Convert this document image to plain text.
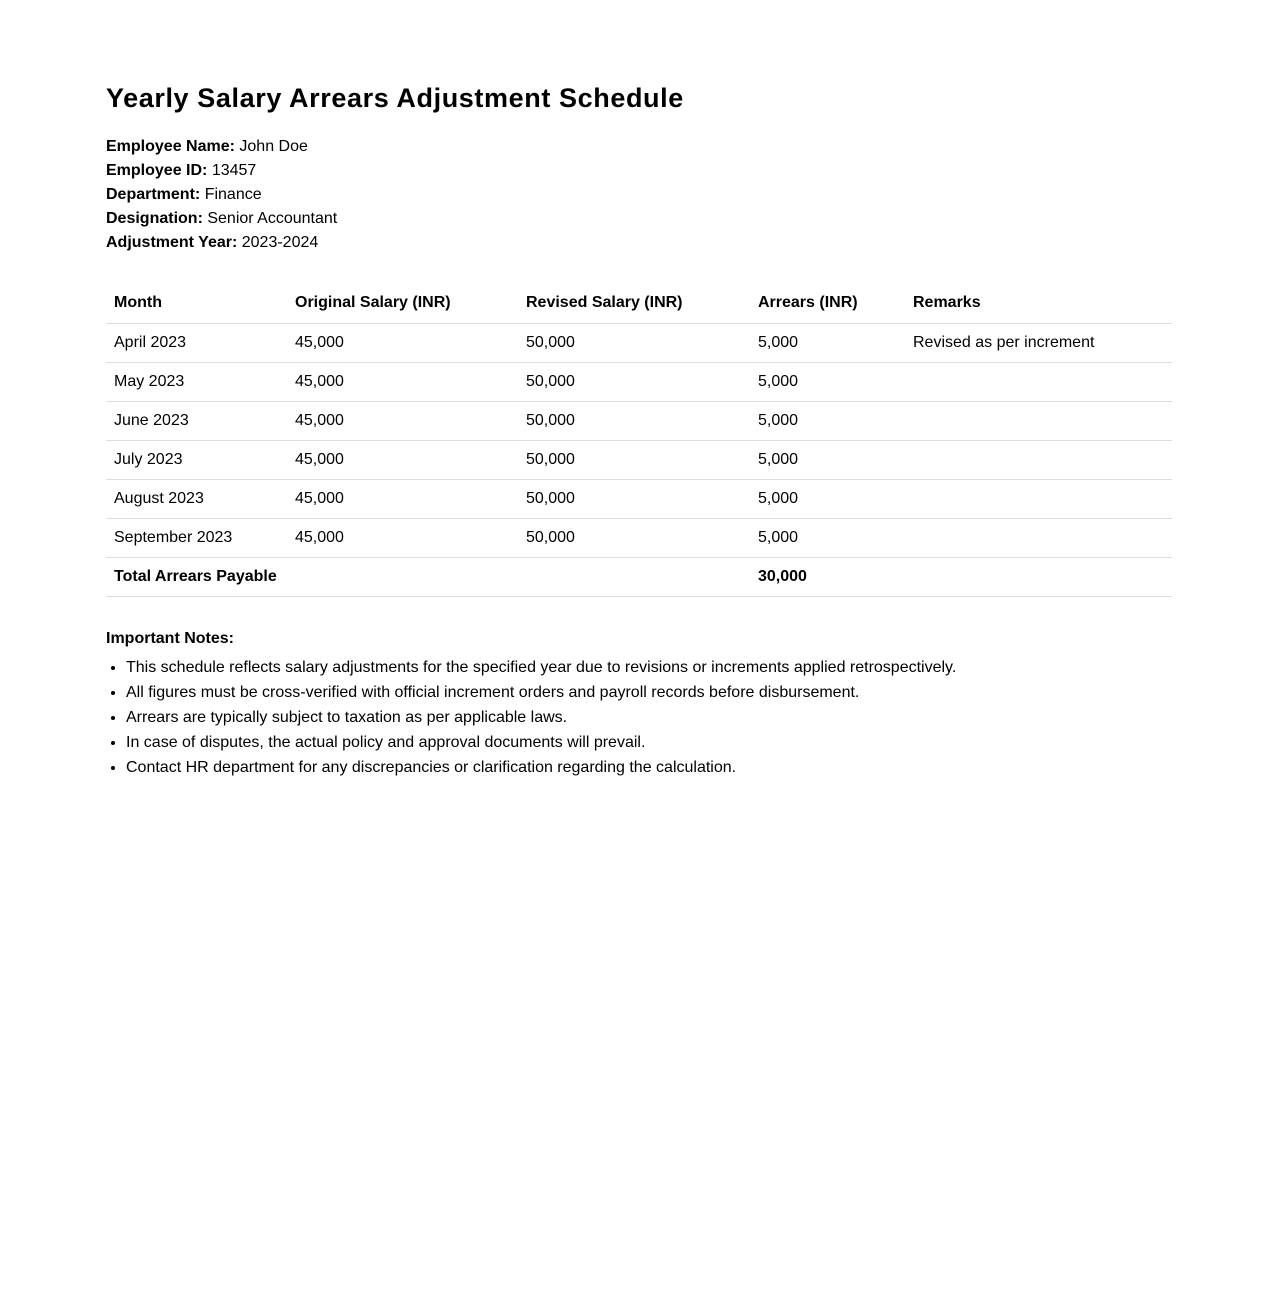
Yearly Salary Arrears Adjustment Schedule
Employee Name: John Doe
Employee ID: 13457
Department: Finance
Designation: Senior Accountant
Adjustment Year: 2023-2024
Month	Original Salary (INR)	Revised Salary (INR)	Arrears (INR)	Remarks
April 2023	45,000	50,000	5,000	Revised as per increment
May 2023	45,000	50,000	5,000	
June 2023	45,000	50,000	5,000	
July 2023	45,000	50,000	5,000	
August 2023	45,000	50,000	5,000	
September 2023	45,000	50,000	5,000	
Total Arrears Payable			30,000	
Important Notes:
• This schedule reflects salary adjustments for the specified year due to revisions or increments applied retrospectively.
• All figures must be cross-verified with official increment orders and payroll records before disbursement.
• Arrears are typically subject to taxation as per applicable laws.
• In case of disputes, the actual policy and approval documents will prevail.
• Contact HR department for any discrepancies or clarification regarding the calculation.
